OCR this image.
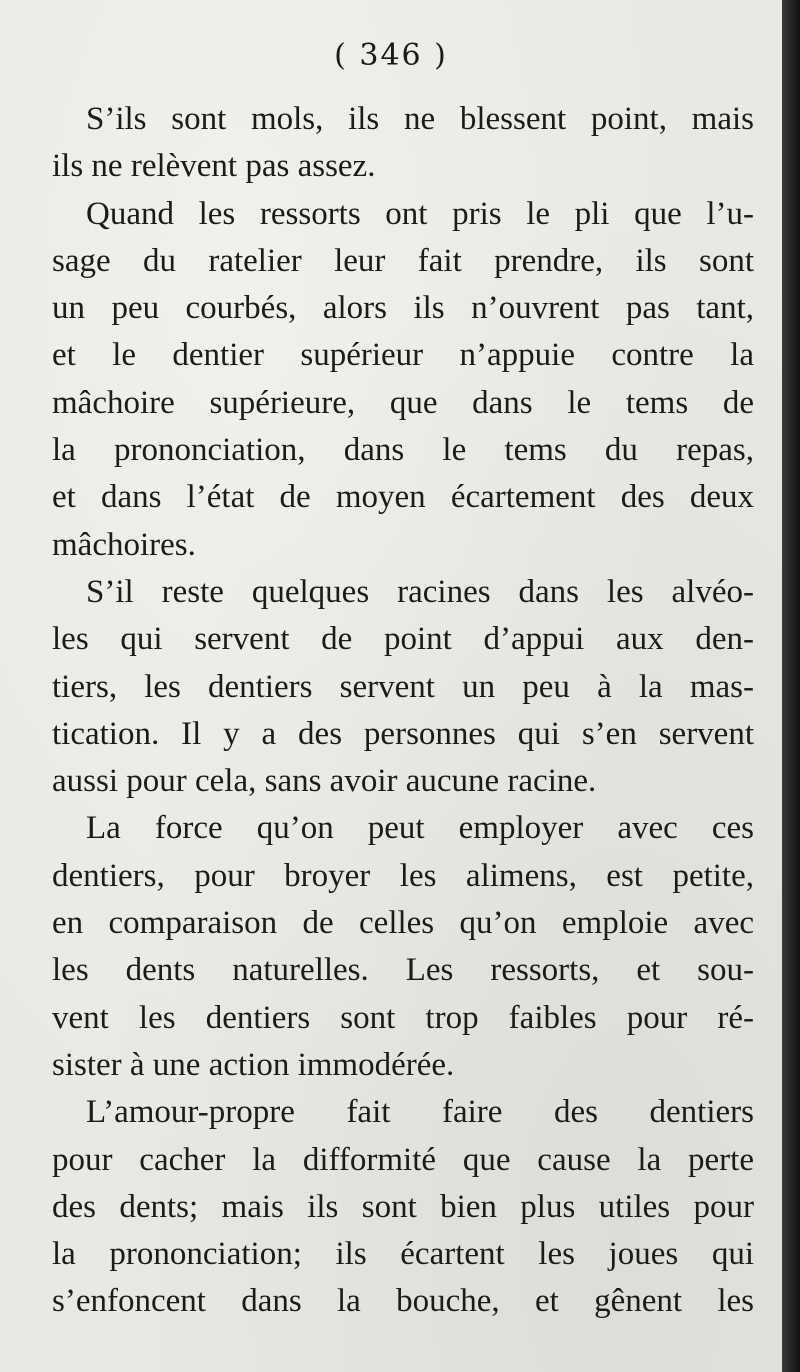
( 346 )
S’ils sont mols, ils ne blessent point, mais
ils ne relèvent pas assez.
Quand les ressorts ont pris le pli que l’u-
sage du ratelier leur fait prendre, ils sont
un peu courbés, alors ils n’ouvrent pas tant,
et le dentier supérieur n’appuie contre la
mâchoire supérieure, que dans le tems de
la prononciation, dans le tems du repas,
et dans l’état de moyen écartement des deux
mâchoires.
S’il reste quelques racines dans les alvéo-
les qui servent de point d’appui aux den-
tiers, les dentiers servent un peu à la mas-
tication. Il y a des personnes qui s’en servent
aussi pour cela, sans avoir aucune racine.
La force qu’on peut employer avec ces
dentiers, pour broyer les alimens, est petite,
en comparaison de celles qu’on emploie avec
les dents naturelles. Les ressorts, et sou-
vent les dentiers sont trop faibles pour ré-
sister à une action immodérée.
L’amour-propre fait faire des dentiers
pour cacher la difformité que cause la perte
des dents; mais ils sont bien plus utiles pour
la prononciation; ils écartent les joues qui
s’enfoncent dans la bouche, et gênent les
